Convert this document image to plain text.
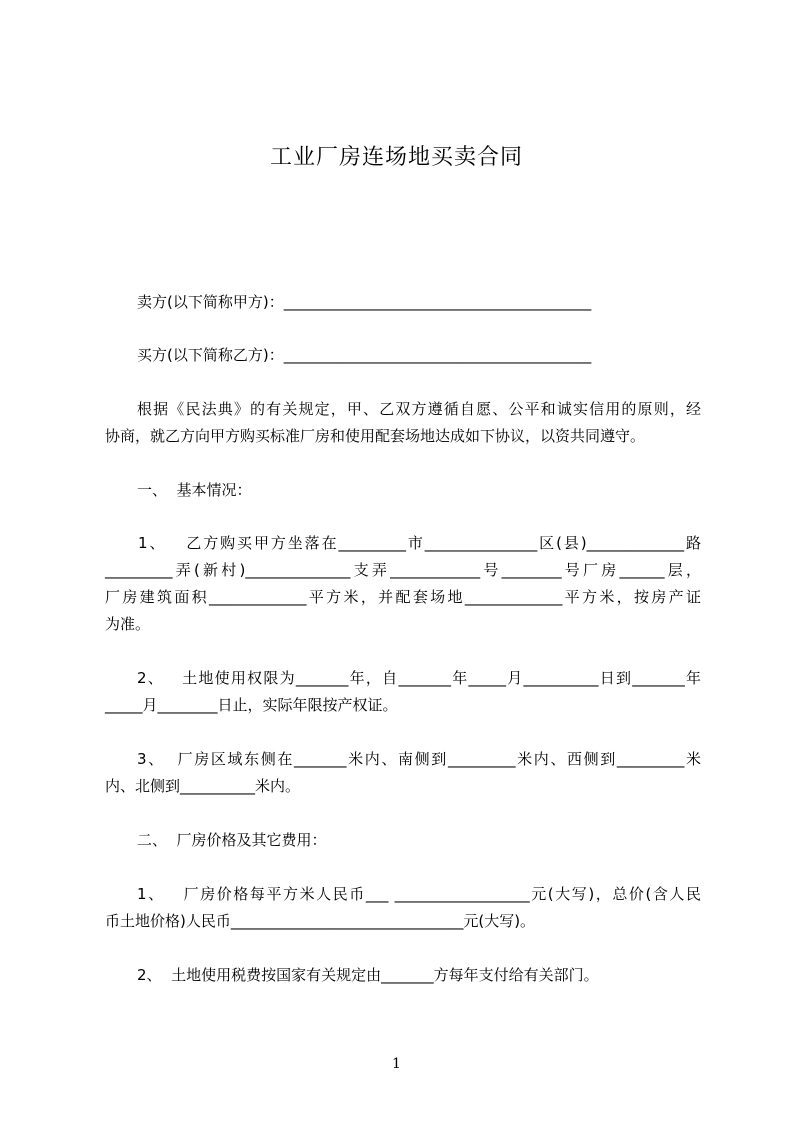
工业厂房连场地买卖合同
卖方(以下简称甲方)：_________________________________________
买方(以下简称乙方)：_________________________________________
根据《民法典》的有关规定，甲、乙双方遵循自愿、公平和诚实信用的原则，经
协商，就乙方向甲方购买标准厂房和使用配套场地达成如下协议，以资共同遵守。
一、  基本情况：
1、   乙方购买甲方坐落在_________市_______________区(县)_____________路
_________弄(新村)______________支弄____________号________号厂房______层，
厂房建筑面积_____________平方米，并配套场地_____________平方米，按房产证
为准。
2、   土地使用权限为_______年，自_______年_____月__________日到_______年
_____月________日止，实际年限按产权证。
3、  厂房区域东侧在_______米内、南侧到_________米内、西侧到_________米
内、北侧到__________米内。
二、  厂房价格及其它费用：
1、   厂房价格每平方米人民币___ __________________元(大写)，总价(含人民
币土地价格)人民币_______________________________元(大写)。
2、  土地使用税费按国家有关规定由_______方每年支付给有关部门。
1
